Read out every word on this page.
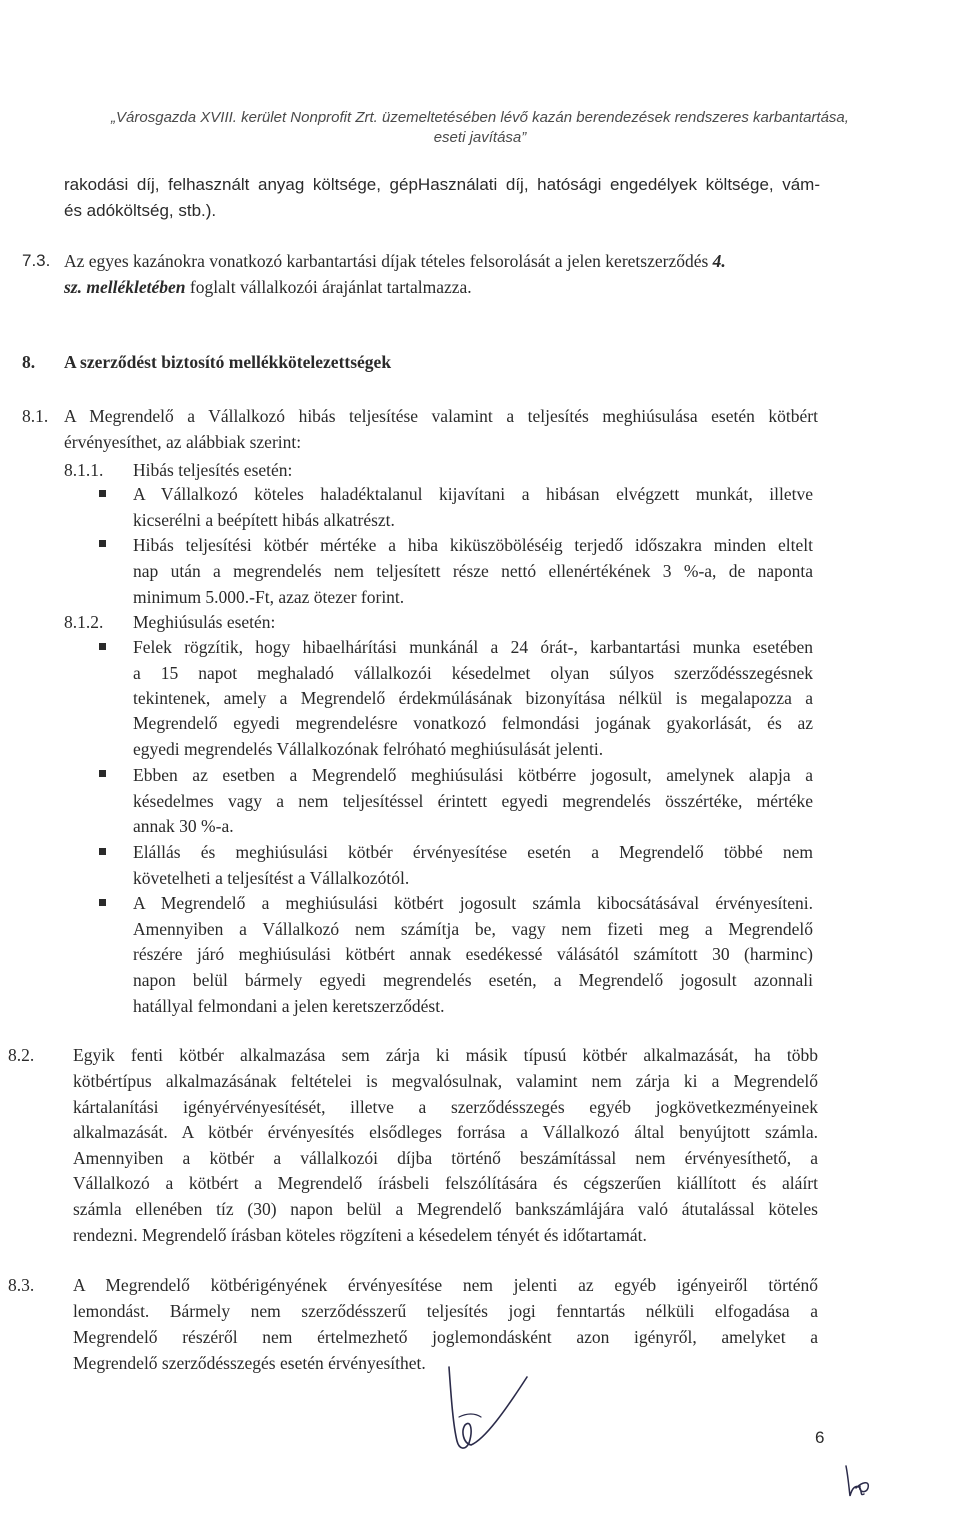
„Városgazda XVIII. kerület Nonprofit Zrt. üzemeltetésében lévő kazán berendezések rendszeres karbantartása,
eseti javítása”
rakodási díj, felhasznált anyag költsége, gépHasználati díj, hatósági engedélyek költsége, vám-
és adóköltség, stb.).
7.3. Az egyes kazánokra vonatkozó karbantartási díjak tételes felsorolását a jelen keretszerződés 4.
sz. mellékletében foglalt vállalkozói árajánlat tartalmazza.
8. A szerződést biztosító mellékkötelezettségek
8.1. A Megrendelő a Vállalkozó hibás teljesítése valamint a teljesítés meghiúsulása esetén kötbért
érvényesíthet, az alábbiak szerint:
8.1.1. Hibás teljesítés esetén:
A Vállalkozó köteles haladéktalanul kijavítani a hibásan elvégzett munkát, illetve
kicserélni a beépített hibás alkatrészt.
Hibás teljesítési kötbér mértéke a hiba kiküszöböléséig terjedő időszakra minden eltelt
nap után a megrendelés nem teljesített része nettó ellenértékének 3 %-a, de naponta
minimum 5.000.-Ft, azaz ötezer forint.
8.1.2. Meghiúsulás esetén:
Felek rögzítik, hogy hibaelhárítási munkánál a 24 órát-, karbantartási munka esetében
a 15 napot meghaladó vállalkozói késedelmet olyan súlyos szerződésszegésnek
tekintenek, amely a Megrendelő érdekmúlásának bizonyítása nélkül is megalapozza a
Megrendelő egyedi megrendelésre vonatkozó felmondási jogának gyakorlását, és az
egyedi megrendelés Vállalkozónak felróható meghiúsulását jelenti.
Ebben az esetben a Megrendelő meghiúsulási kötbérre jogosult, amelynek alapja a
késedelmes vagy a nem teljesítéssel érintett egyedi megrendelés összértéke, mértéke
annak 30 %-a.
Elállás és meghiúsulási kötbér érvényesítése esetén a Megrendelő többé nem
követelheti a teljesítést a Vállalkozótól.
A Megrendelő a meghiúsulási kötbért jogosult számla kibocsátásával érvényesíteni.
Amennyiben a Vállalkozó nem számítja be, vagy nem fizeti meg a Megrendelő
részére járó meghiúsulási kötbért annak esedékessé válásától számított 30 (harminc)
napon belül bármely egyedi megrendelés esetén, a Megrendelő jogosult azonnali
hatállyal felmondani a jelen keretszerződést.
8.2. Egyik fenti kötbér alkalmazása sem zárja ki másik típusú kötbér alkalmazását, ha több
kötbértípus alkalmazásának feltételei is megvalósulnak, valamint nem zárja ki a Megrendelő
kártalanítási igényérvényesítését, illetve a szerződésszegés egyéb jogkövetkezményeinek
alkalmazását. A kötbér érvényesítés elsődleges forrása a Vállalkozó által benyújtott számla.
Amennyiben a kötbér a vállalkozói díjba történő beszámítással nem érvényesíthető, a
Vállalkozó a kötbért a Megrendelő írásbeli felszólítására és cégszerűen kiállított és aláírt
számla ellenében tíz (30) napon belül a Megrendelő bankszámlájára való átutalással köteles
rendezni. Megrendelő írásban köteles rögzíteni a késedelem tényét és időtartamát.
8.3. A Megrendelő kötbérigényének érvényesítése nem jelenti az egyéb igényeiről történő
lemondást. Bármely nem szerződésszerű teljesítés jogi fenntartás nélküli elfogadása a
Megrendelő részéről nem értelmezhető joglemondásként azon igényről, amelyket a
Megrendelő szerződésszegés esetén érvényesíthet.
6
